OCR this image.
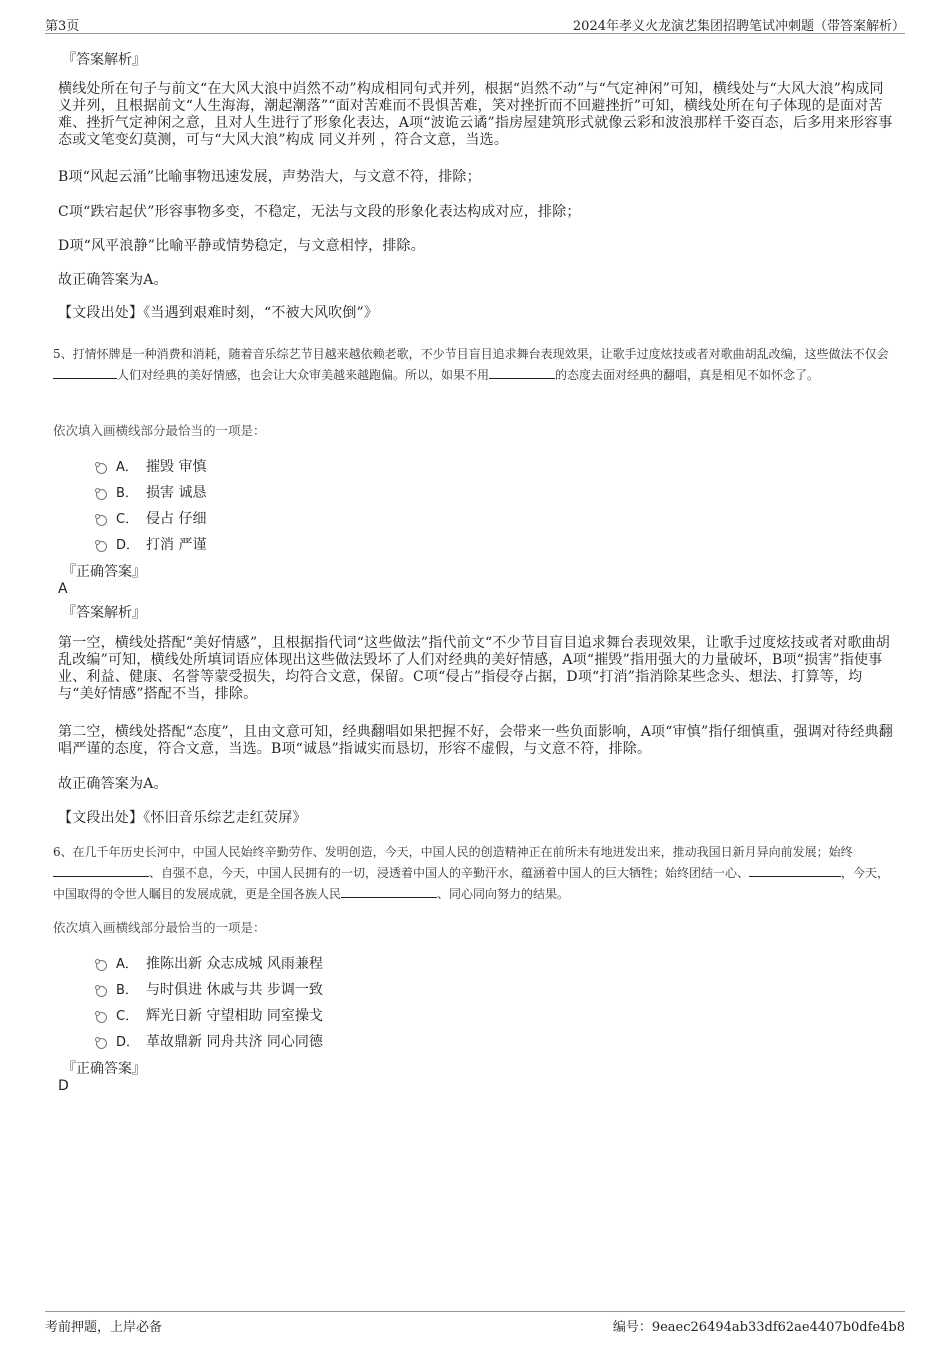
第3页	2024年孝义火龙演艺集团招聘笔试冲刺题（带答案解析）
『答案解析』
横线处所在句子与前文“在大风大浪中岿然不动”构成相同句式并列，根据“岿然不动”与“气定神闲”可知，横线处与“大风大浪”构成同义并列，且根据前文“人生海海，潮起潮落”“面对苦难而不畏惧苦难，笑对挫折而不回避挫折”可知，横线处所在句子体现的是面对苦难、挫折气定神闲之意，且对人生进行了形象化表达，A项“波诡云谲”指房屋建筑形式就像云彩和波浪那样千姿百态，后多用来形容事态或文笔变幻莫测，可与“大风大浪”构成 同义并列 ，符合文意，当选。
B项“风起云涌”比喻事物迅速发展，声势浩大，与文意不符，排除；
C项“跌宕起伏”形容事物多变，不稳定，无法与文段的形象化表达构成对应，排除；
D项“风平浪静”比喻平静或情势稳定，与文意相悖，排除。
故正确答案为A。
【文段出处】《当遇到艰难时刻，“不被大风吹倒”》
5、打情怀牌是一种消费和消耗，随着音乐综艺节目越来越依赖老歌，不少节目盲目追求舞台表现效果，让歌手过度炫技或者对歌曲胡乱改编，这些做法不仅会人们对经典的美好情感，也会让大众审美越来越跑偏。所以，如果不用	的态度去面对经典的翻唱，真是相见不如怀念了。
依次填入画横线部分最恰当的一项是：
A． 摧毁 审慎
B． 损害 诚恳
C． 侵占 仔细
D． 打消 严谨
『正确答案』
A
『答案解析』
第一空，横线处搭配“美好情感”，且根据指代词“这些做法”指代前文“不少节目盲目追求舞台表现效果，让歌手过度炫技或者对歌曲胡乱改编”可知，横线处所填词语应体现出这些做法毁坏了人们对经典的美好情感，A项“摧毁”指用强大的力量破坏，B项“损害”指使事业、利益、健康、名誉等蒙受损失，均符合文意，保留。C项“侵占”指侵夺占据，D项“打消”指消除某些念头、想法、打算等，均与“美好情感”搭配不当，排除。
第二空，横线处搭配“态度”，且由文意可知，经典翻唱如果把握不好，会带来一些负面影响，A项“审慎”指仔细慎重，强调对待经典翻唱严谨的态度，符合文意，当选。B项“诚恳”指诚实而恳切，形容不虚假，与文意不符，排除。
故正确答案为A。
【文段出处】《怀旧音乐综艺走红荧屏》
6、在几千年历史长河中，中国人民始终辛勤劳作、发明创造，今天，中国人民的创造精神正在前所未有地迸发出来，推动我国日新月异向前发展；始终、自强不息，今天，中国人民拥有的一切，浸透着中国人的辛勤汗水，蕴涵着中国人的巨大牺牲；始终团结一心、	，今天，中国取得的令世人瞩目的发展成就，更是全国各族人民	、同心同向努力的结果。
依次填入画横线部分最恰当的一项是：
A． 推陈出新 众志成城 风雨兼程
B． 与时俱进 休戚与共 步调一致
C． 辉光日新 守望相助 同室操戈
D． 革故鼎新 同舟共济 同心同德
『正确答案』
D
考前押题，上岸必备	编号：9eaec26494ab33df62ae4407b0dfe4b8
